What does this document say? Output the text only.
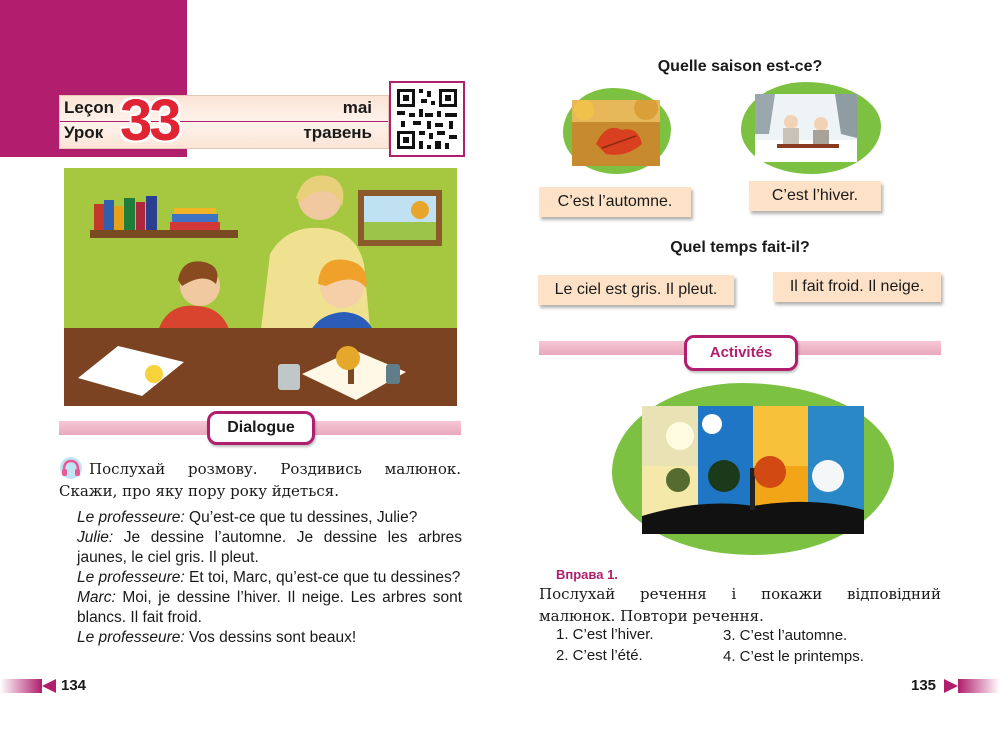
Leçon
Урок 33	mai
травень
Dialogue
Послухай розмову. Роздивись малюнок. Скажи, про яку пору року йдеться.

Le professeure: Qu’est-ce que tu dessines, Julie?

Julie: Je dessine l’automne. Je dessine les arbres jaunes, le ciel gris. Il pleut.

Le professeure: Et toi, Marc, qu’est-ce que tu dessines?

Marc: Moi, je dessine l’hiver. Il neige. Les arbres sont blancs. Il fait froid.

Le professeure: Vos dessins sont beaux!

134
Quelle saison est-ce?
C’est l’automne.	C’est l’hiver.
Quel temps fait-il?
Le ciel est gris. Il pleut.	Il fait froid. Il neige.
Activités
Вправа 1.
Послухай речення і покажи відповідний малюнок. Повтори речення.
1. C’est l’hiver.
2. C’est l’été.
3. C’est l’automne.
4. C’est le printemps.
135
